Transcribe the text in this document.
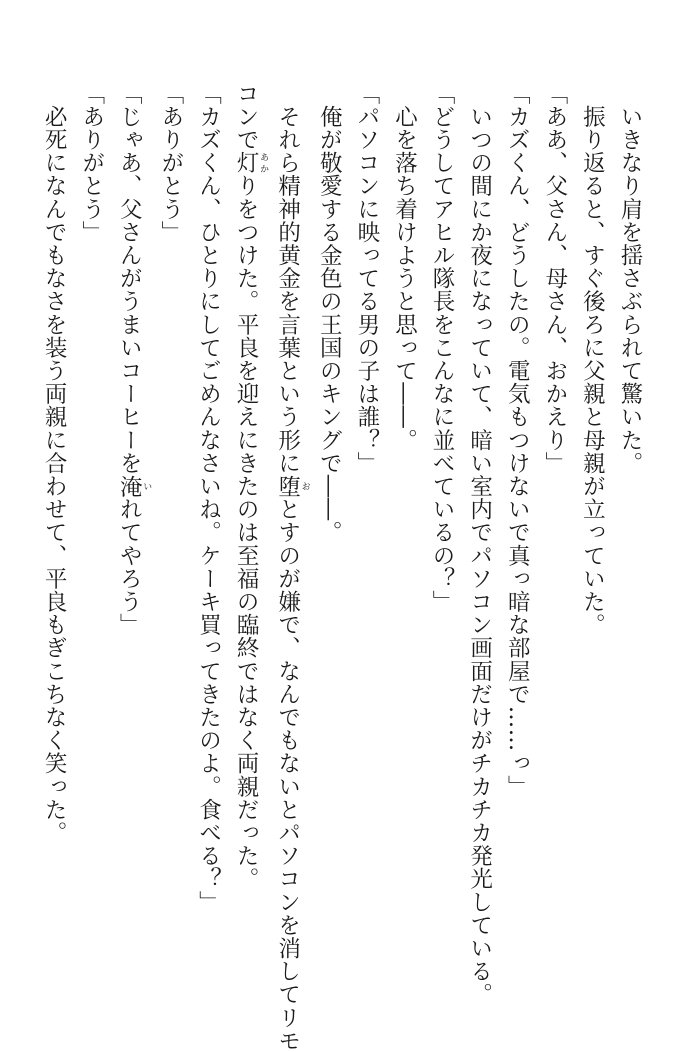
　いきなり肩を揺さぶられて驚いた。

　振り返ると、すぐ後ろに父親と母親が立っていた。

「ああ、父さん、母さん、おかえり」

「カズくん、どうしたの。電気もつけないで真っ暗な部屋で……っ」

　いつの間にか夜になっていて、暗い室内でパソコン画面だけがチカチカ発光している。

「どうしてアヒル隊長をこんなに並べているの？」

　心を落ち着けようと思って――。

「パソコンに映ってる男の子は誰？」

　俺が敬愛する金色の王国のキングで――。

　それら精神的黄金を言葉という形に堕 おとすのが嫌で、なんでもないとパソコンを消してリモ

コンで灯 あかりをつけた。平良を迎えにきたのは至福の臨終ではなく両親だった。

「カズくん、ひとりにしてごめんなさいね。ケーキ買ってきたのよ。食べる？」

「ありがとう」

「じゃあ、父さんがうまいコーヒーを淹 いれてやろう」

「ありがとう」

　必死になんでもなさを装う両親に合わせて、平良もぎこちなく笑った。
